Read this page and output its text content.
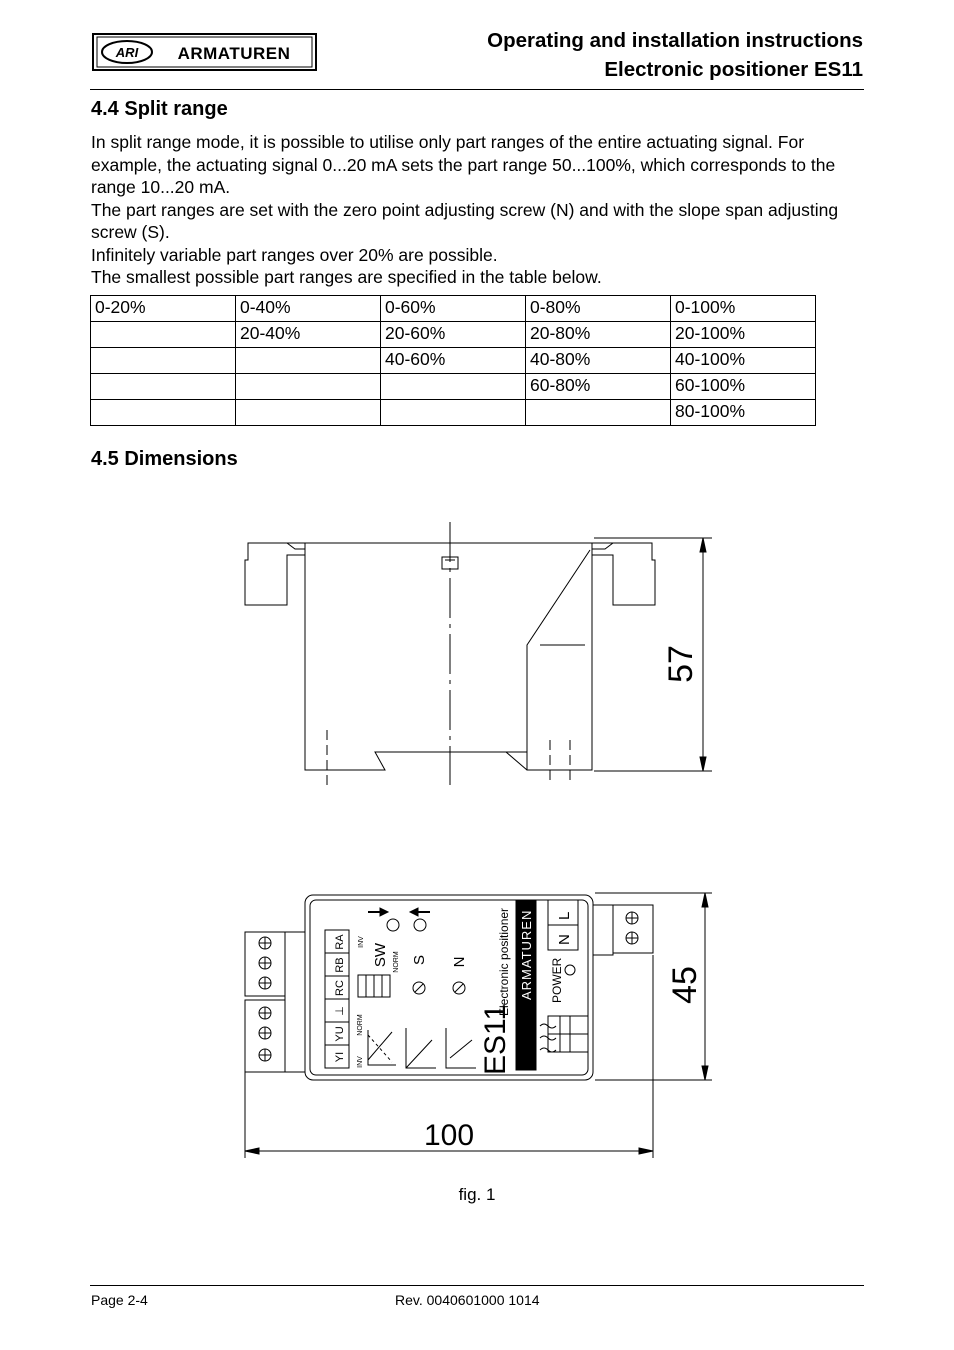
ARI ARMATUREN
Operating and installation instructions
Electronic positioner ES11
4.4 Split range

In split range mode, it is possible to utilise only part ranges of the entire actuating signal. For example, the actuating signal 0...20 mA sets the part range 50...100%, which corresponds to the range 10...20 mA.

The part ranges are set with the zero point adjusting screw (N) and with the slope span adjusting screw (S).

Infinitely variable part ranges over 20% are possible.

The smallest possible part ranges are specified in the table below.

0-20%	0-40%	0-60%	0-80%	0-100%
	20-40%	20-60%	20-80%	20-100%
		40-60%	40-80%	40-100%
			60-80%	60-100%
				80-100%
4.5 Dimensions
57
45
100
RA
RB
RC
⊥
YU
YI
SW
INV
NORM S N
NORM
INV	ES11
Electronic positioner ARMATUREN POWER
N
L
fig. 1
Page 2-4	Rev. 0040601000 1014
